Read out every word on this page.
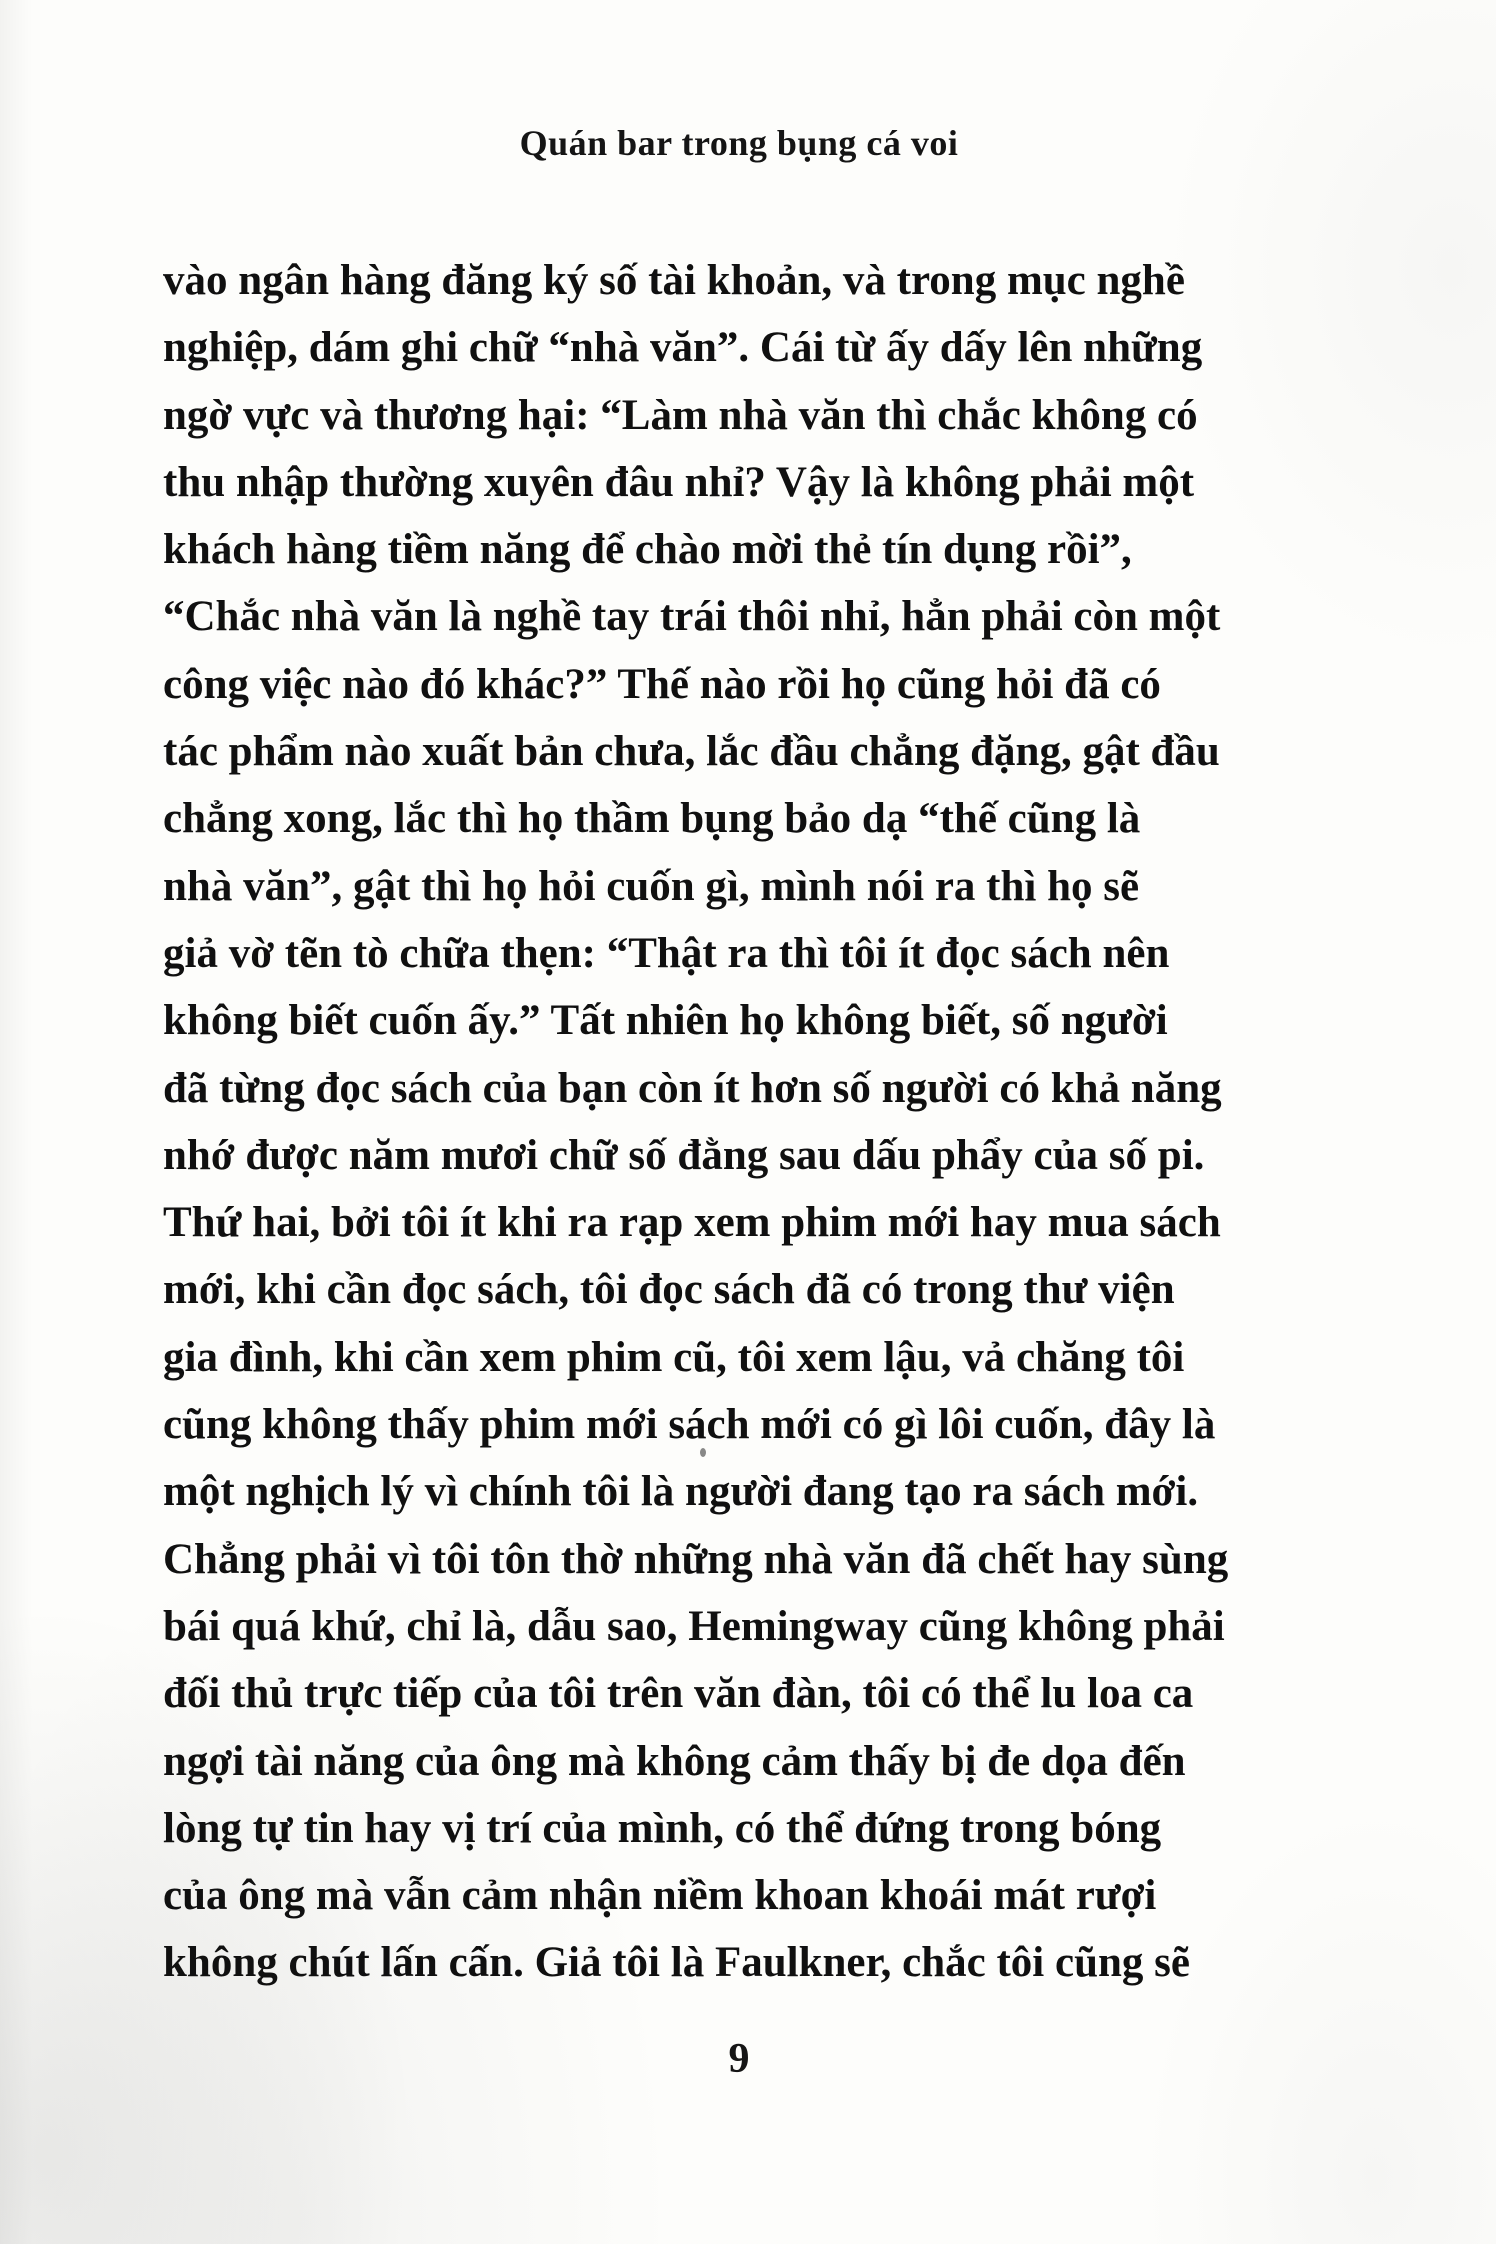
Quán bar trong bụng cá voi
vào ngân hàng đăng ký số tài khoản, và trong mục nghề
nghiệp, dám ghi chữ “nhà văn”. Cái từ ấy dấy lên những
ngờ vực và thương hại: “Làm nhà văn thì chắc không có
thu nhập thường xuyên đâu nhỉ? Vậy là không phải một
khách hàng tiềm năng để chào mời thẻ tín dụng rồi”,
“Chắc nhà văn là nghề tay trái thôi nhỉ, hẳn phải còn một
công việc nào đó khác?” Thế nào rồi họ cũng hỏi đã có
tác phẩm nào xuất bản chưa, lắc đầu chẳng đặng, gật đầu
chẳng xong, lắc thì họ thầm bụng bảo dạ “thế cũng là
nhà văn”, gật thì họ hỏi cuốn gì, mình nói ra thì họ sẽ
giả vờ tẽn tò chữa thẹn: “Thật ra thì tôi ít đọc sách nên
không biết cuốn ấy.” Tất nhiên họ không biết, số người
đã từng đọc sách của bạn còn ít hơn số người có khả năng
nhớ được năm mươi chữ số đằng sau dấu phẩy của số pi.
Thứ hai, bởi tôi ít khi ra rạp xem phim mới hay mua sách
mới, khi cần đọc sách, tôi đọc sách đã có trong thư viện
gia đình, khi cần xem phim cũ, tôi xem lậu, vả chăng tôi
cũng không thấy phim mới sách mới có gì lôi cuốn, đây là
một nghịch lý vì chính tôi là người đang tạo ra sách mới.
Chẳng phải vì tôi tôn thờ những nhà văn đã chết hay sùng
bái quá khứ, chỉ là, dẫu sao, Hemingway cũng không phải
đối thủ trực tiếp của tôi trên văn đàn, tôi có thể lu loa ca
ngợi tài năng của ông mà không cảm thấy bị đe dọa đến
lòng tự tin hay vị trí của mình, có thể đứng trong bóng
của ông mà vẫn cảm nhận niềm khoan khoái mát rượi
không chút lấn cấn. Giả tôi là Faulkner, chắc tôi cũng sẽ
9
